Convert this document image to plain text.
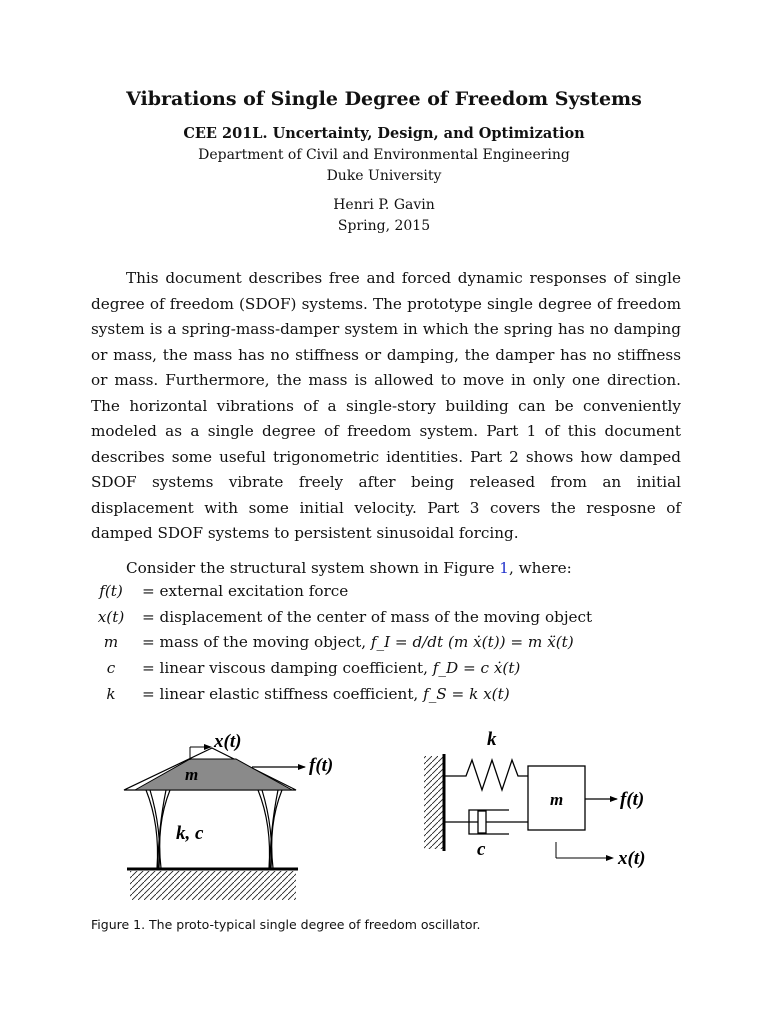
Vibrations of Single Degree of Freedom Systems
CEE 201L. Uncertainty, Design, and Optimization
Department of Civil and Environmental Engineering
Duke University
Henri P. Gavin
Spring, 2015
This document describes free and forced dynamic responses of single degree of freedom (SDOF) systems. The prototype single degree of freedom system is a spring-mass-damper system in which the spring has no damping or mass, the mass has no stiffness or damping, the damper has no stiffness or mass. Furthermore, the mass is allowed to move in only one direction. The horizontal vibrations of a single-story building can be conveniently modeled as a single degree of freedom system. Part 1 of this document describes some useful trigonometric identities. Part 2 shows how damped SDOF systems vibrate freely after being released from an initial displacement with some initial velocity. Part 3 covers the resposne of damped SDOF systems to persistent sinusoidal forcing.
Consider the structural system shown in Figure 1, where:
f(t)	= external excitation force
x(t)	= displacement of the center of mass of the moving object
m	= mass of the moving object, f_I = d/dt (m ẋ(t)) = m ẍ(t)
c	= linear viscous damping coefficient, f_D = c ẋ(t)
k	= linear elastic stiffness coefficient, f_S = k x(t)
m
x(t)
f(t)
k, c
k
c
m	f(t)
x(t)
Figure 1. The proto-typical single degree of freedom oscillator.
